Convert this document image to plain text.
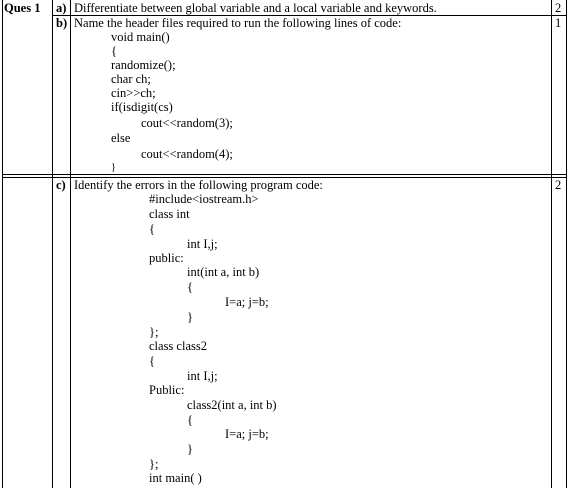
Ques 1 a) Differentiate between global variable and a local variable and keywords.	2
b) Name the header files required to run the following lines of code:	1
void main()
{
randomize();
char ch;
cin>>ch;
if(isdigit(cs)
cout<<random(3);
else
cout<<random(4);
}
c) Identify the errors in the following program code:	2
#include<iostream.h>
class int
{
int I,j;
public:
int(int a, int b)
{
I=a; j=b;
}
};
class class2
{
int I,j;
Public:
class2(int a, int b)
{
I=a; j=b;
}
};
int main( )
